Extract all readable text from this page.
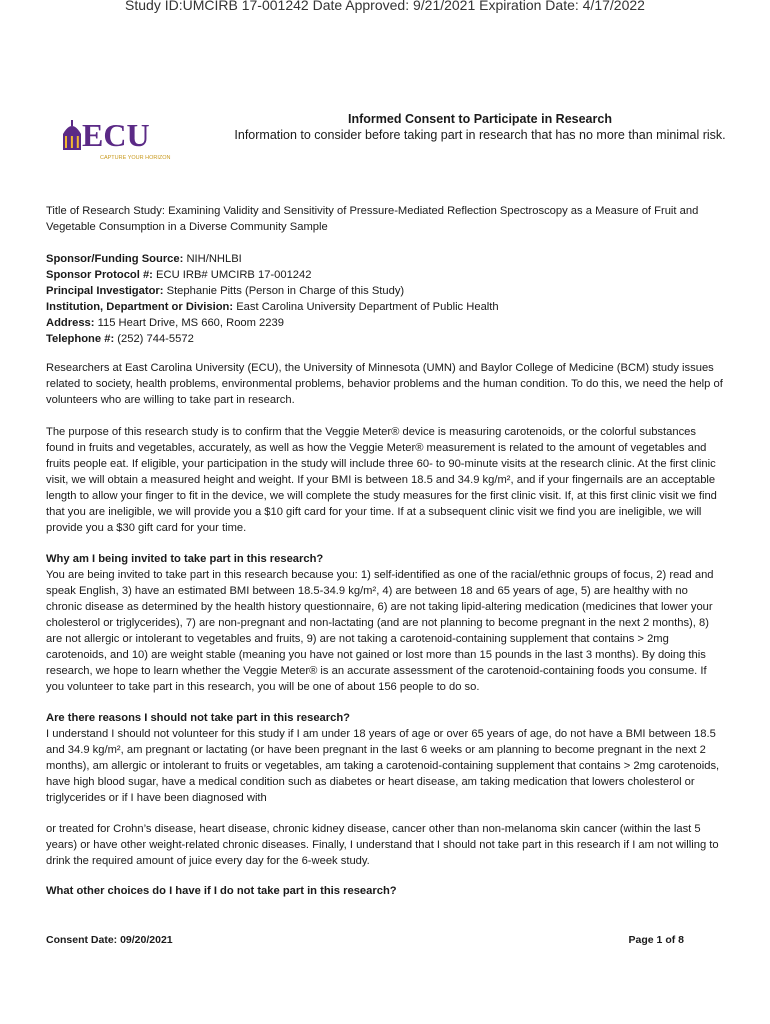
Study ID:UMCIRB 17-001242 Date Approved: 9/21/2021 Expiration Date: 4/17/2022
ECU
CAPTURE YOUR HORIZON
Informed Consent to Participate in Research
Information to consider before taking part in research that has no more than minimal risk.

Title of Research Study: Examining Validity and Sensitivity of Pressure-Mediated Reflection Spectroscopy as a Measure of Fruit and Vegetable Consumption in a Diverse Community Sample

Sponsor/Funding Source: NIH/NHLBI

Sponsor Protocol #: ECU IRB# UMCIRB 17-001242

Principal Investigator: Stephanie Pitts (Person in Charge of this Study)

Institution, Department or Division: East Carolina University Department of Public Health

Address: 115 Heart Drive, MS 660, Room 2239

Telephone #: (252) 744-5572

Researchers at East Carolina University (ECU), the University of Minnesota (UMN) and Baylor College of Medicine (BCM) study issues related to society, health problems, environmental problems, behavior problems and the human condition. To do this, we need the help of volunteers who are willing to take part in research.

The purpose of this research study is to confirm that the Veggie Meter® device is measuring carotenoids, or the colorful substances found in fruits and vegetables, accurately, as well as how the Veggie Meter® measurement is related to the amount of vegetables and fruits people eat. If eligible, your participation in the study will include three 60- to 90-minute visits at the research clinic. At the first clinic visit, we will obtain a measured height and weight. If your BMI is between 18.5 and 34.9 kg/m², and if your fingernails are an acceptable length to allow your finger to fit in the device, we will complete the study measures for the first clinic visit. If, at this first clinic visit we find that you are ineligible, we will provide you a $10 gift card for your time. If at a subsequent clinic visit we find you are ineligible, we will provide you a $30 gift card for your time.

Why am I being invited to take part in this research?

You are being invited to take part in this research because you: 1) self-identified as one of the racial/ethnic groups of focus, 2) read and speak English, 3) have an estimated BMI between 18.5-34.9 kg/m², 4) are between 18 and 65 years of age, 5) are healthy with no chronic disease as determined by the health history questionnaire, 6) are not taking lipid-altering medication (medicines that lower your cholesterol or triglycerides), 7) are non-pregnant and non-lactating (and are not planning to become pregnant in the next 2 months), 8) are not allergic or intolerant to vegetables and fruits, 9) are not taking a carotenoid-containing supplement that contains > 2mg carotenoids, and 10) are weight stable (meaning you have not gained or lost more than 15 pounds in the last 3 months). By doing this research, we hope to learn whether the Veggie Meter® is an accurate assessment of the carotenoid-containing foods you consume. If you volunteer to take part in this research, you will be one of about 156 people to do so.

Are there reasons I should not take part in this research?

I understand I should not volunteer for this study if I am under 18 years of age or over 65 years of age, do not have a BMI between 18.5 and 34.9 kg/m², am pregnant or lactating (or have been pregnant in the last 6 weeks or am planning to become pregnant in the next 2 months), am allergic or intolerant to fruits or vegetables, am taking a carotenoid-containing supplement that contains > 2mg carotenoids, have high blood sugar, have a medical condition such as diabetes or heart disease, am taking medication that lowers cholesterol or triglycerides or if I have been diagnosed with

or treated for Crohn’s disease, heart disease, chronic kidney disease, cancer other than non-melanoma skin cancer (within the last 5 years) or have other weight-related chronic diseases. Finally, I understand that I should not take part in this research if I am not willing to drink the required amount of juice every day for the 6-week study.

What other choices do I have if I do not take part in this research?

Consent Date: 09/20/2021	Page 1 of 8
